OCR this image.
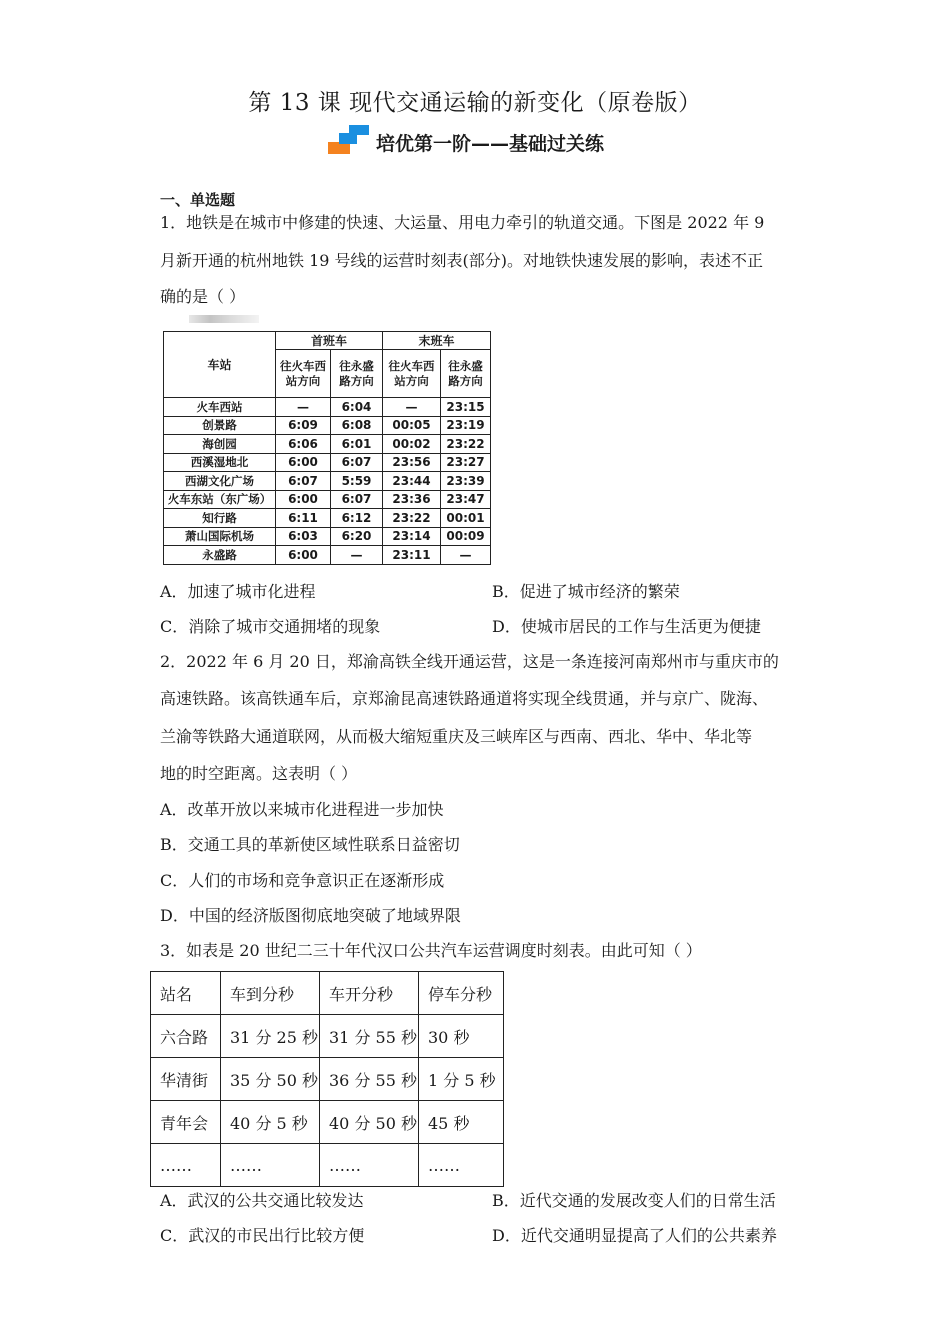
第 13 课 现代交通运输的新变化（原卷版）
培优第一阶——基础过关练
一、单选题
1．地铁是在城市中修建的快速、大运量、用电力牵引的轨道交通。下图是 2022 年 9
月新开通的杭州地铁 19 号线的运营时刻表(部分)。对地铁快速发展的影响，表述不正
确的是（ ）
车站	首班车		末班车	
	往火车西站方向	往永盛路方向	往火车西站方向	往永盛路方向
火车西站	—	6:04	—	23:15
创景路	6:09	6:08	00:05	23:19
海创园	6:06	6:01	00:02	23:22
西溪湿地北	6:00	6:07	23:56	23:27
西湖文化广场	6:07	5:59	23:44	23:39
火车东站（东广场）	6:00	6:07	23:36	23:47
知行路	6:11	6:12	23:22	00:01
萧山国际机场	6:03	6:20	23:14	00:09
永盛路	6:00	—	23:11	—
A．加速了城市化进程	B．促进了城市经济的繁荣
C．消除了城市交通拥堵的现象	D．使城市居民的工作与生活更为便捷
2．2022 年 6 月 20 日，郑渝高铁全线开通运营，这是一条连接河南郑州市与重庆市的
高速铁路。该高铁通车后，京郑渝昆高速铁路通道将实现全线贯通，并与京广、陇海、
兰渝等铁路大通道联网，从而极大缩短重庆及三峡库区与西南、西北、华中、华北等
地的时空距离。这表明（ ）
A．改革开放以来城市化进程进一步加快
B．交通工具的革新使区域性联系日益密切
C．人们的市场和竞争意识正在逐渐形成
D．中国的经济版图彻底地突破了地域界限
3．如表是 20 世纪二三十年代汉口公共汽车运营调度时刻表。由此可知（ ）
站名	车到分秒	车开分秒	停车分秒
六合路	31 分 25 秒	31 分 55 秒	30 秒
华清街	35 分 50 秒	36 分 55 秒	1 分 5 秒
青年会	40 分 5 秒	40 分 50 秒	45 秒
……	……	……	……
A．武汉的公共交通比较发达	B．近代交通的发展改变人们的日常生活
C．武汉的市民出行比较方便	D．近代交通明显提高了人们的公共素养
